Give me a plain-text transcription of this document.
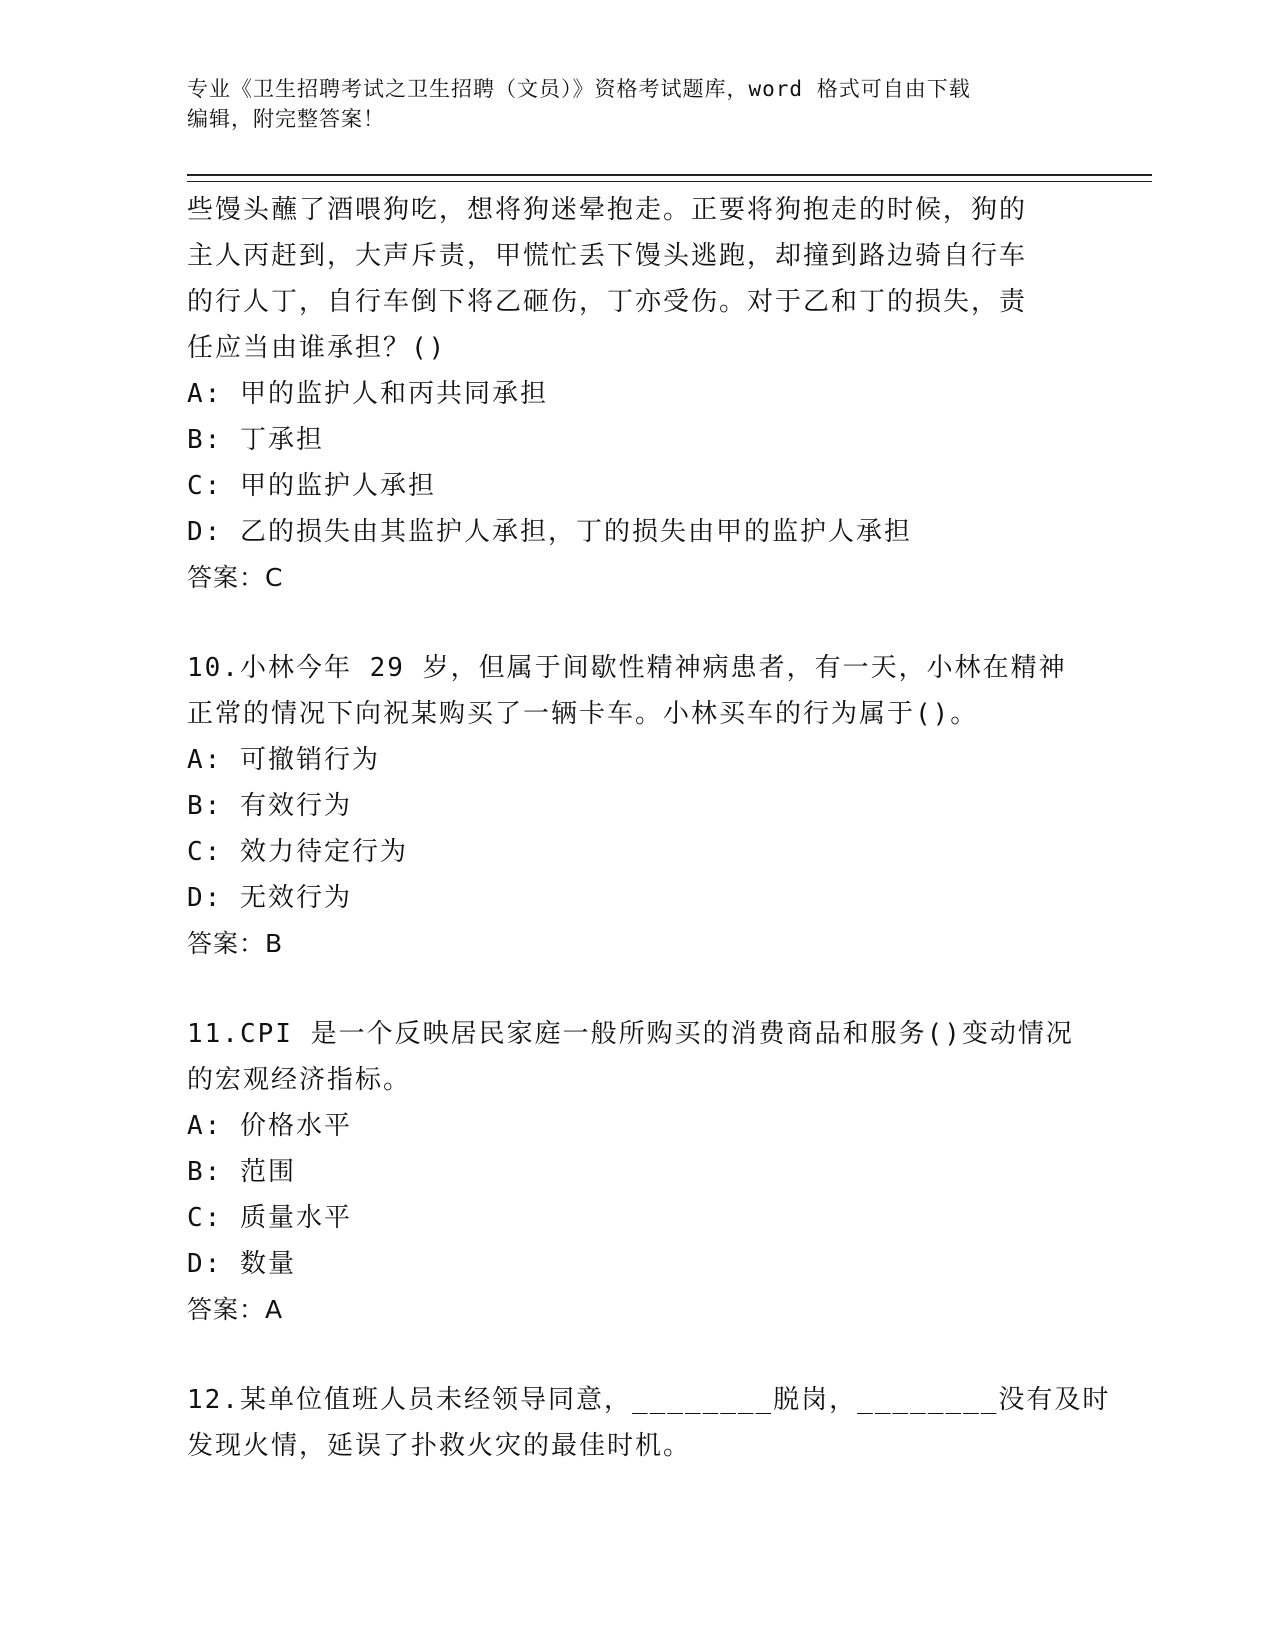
专业《卫生招聘考试之卫生招聘（文员）》资格考试题库，word 格式可自由下载
编辑，附完整答案！
些馒头蘸了酒喂狗吃，想将狗迷晕抱走。正要将狗抱走的时候，狗的
主人丙赶到，大声斥责，甲慌忙丢下馒头逃跑，却撞到路边骑自行车
的行人丁，自行车倒下将乙砸伤，丁亦受伤。对于乙和丁的损失，责
任应当由谁承担？()
A: 甲的监护人和丙共同承担
B: 丁承担
C: 甲的监护人承担
D: 乙的损失由其监护人承担，丁的损失由甲的监护人承担
答案：C
10.小林今年 29 岁，但属于间歇性精神病患者，有一天，小林在精神
正常的情况下向祝某购买了一辆卡车。小林买车的行为属于()。
A: 可撤销行为
B: 有效行为
C: 效力待定行为
D: 无效行为
答案：B
11.CPI 是一个反映居民家庭一般所购买的消费商品和服务()变动情况
的宏观经济指标。
A: 价格水平
B: 范围
C: 质量水平
D: 数量
答案：A
12.某单位值班人员未经领导同意，________脱岗，________没有及时
发现火情，延误了扑救火灾的最佳时机。
